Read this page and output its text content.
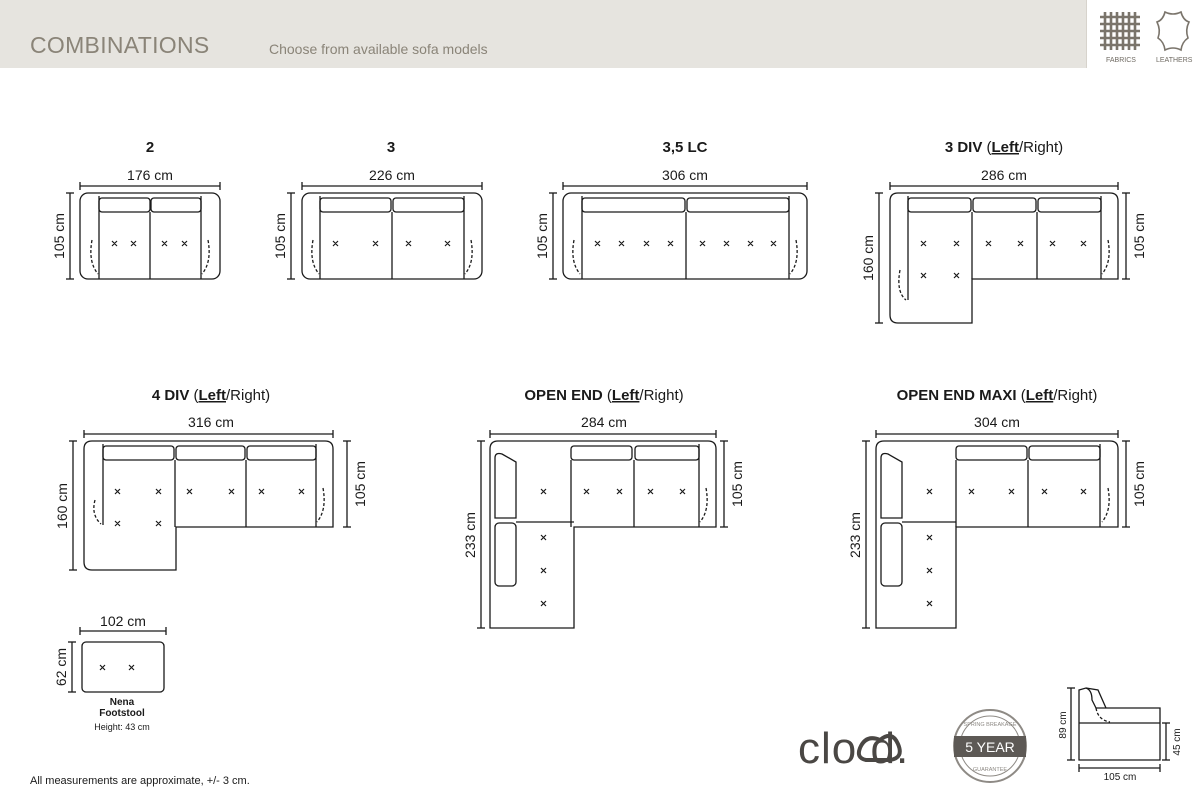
COMBINATIONS	Choose from available sofa models
FABRICS	LEATHERS
2	3	3,5 LC	3 DIV (Left/Right)
4 DIV (Left/Right)	OPEN END (Left/Right)	OPEN END MAXI (Left/Right)
176 cm	226 cm	306 cm	286 cm
316 cm	284 cm	304 cm
102 cm
105 cm	105 cm	105 cm	160 cm	105 cm
160 cm	105 cm
233 cm
105 cm
233 cm
105 cm
62 cm
Nena
Footstool
Height: 43 cm	89 cm
45 cm
105 cm
clo d.	SPRING BREAKAGE
5 YEAR
GUARANTEE
All measurements are approximate, +/- 3 cm.
